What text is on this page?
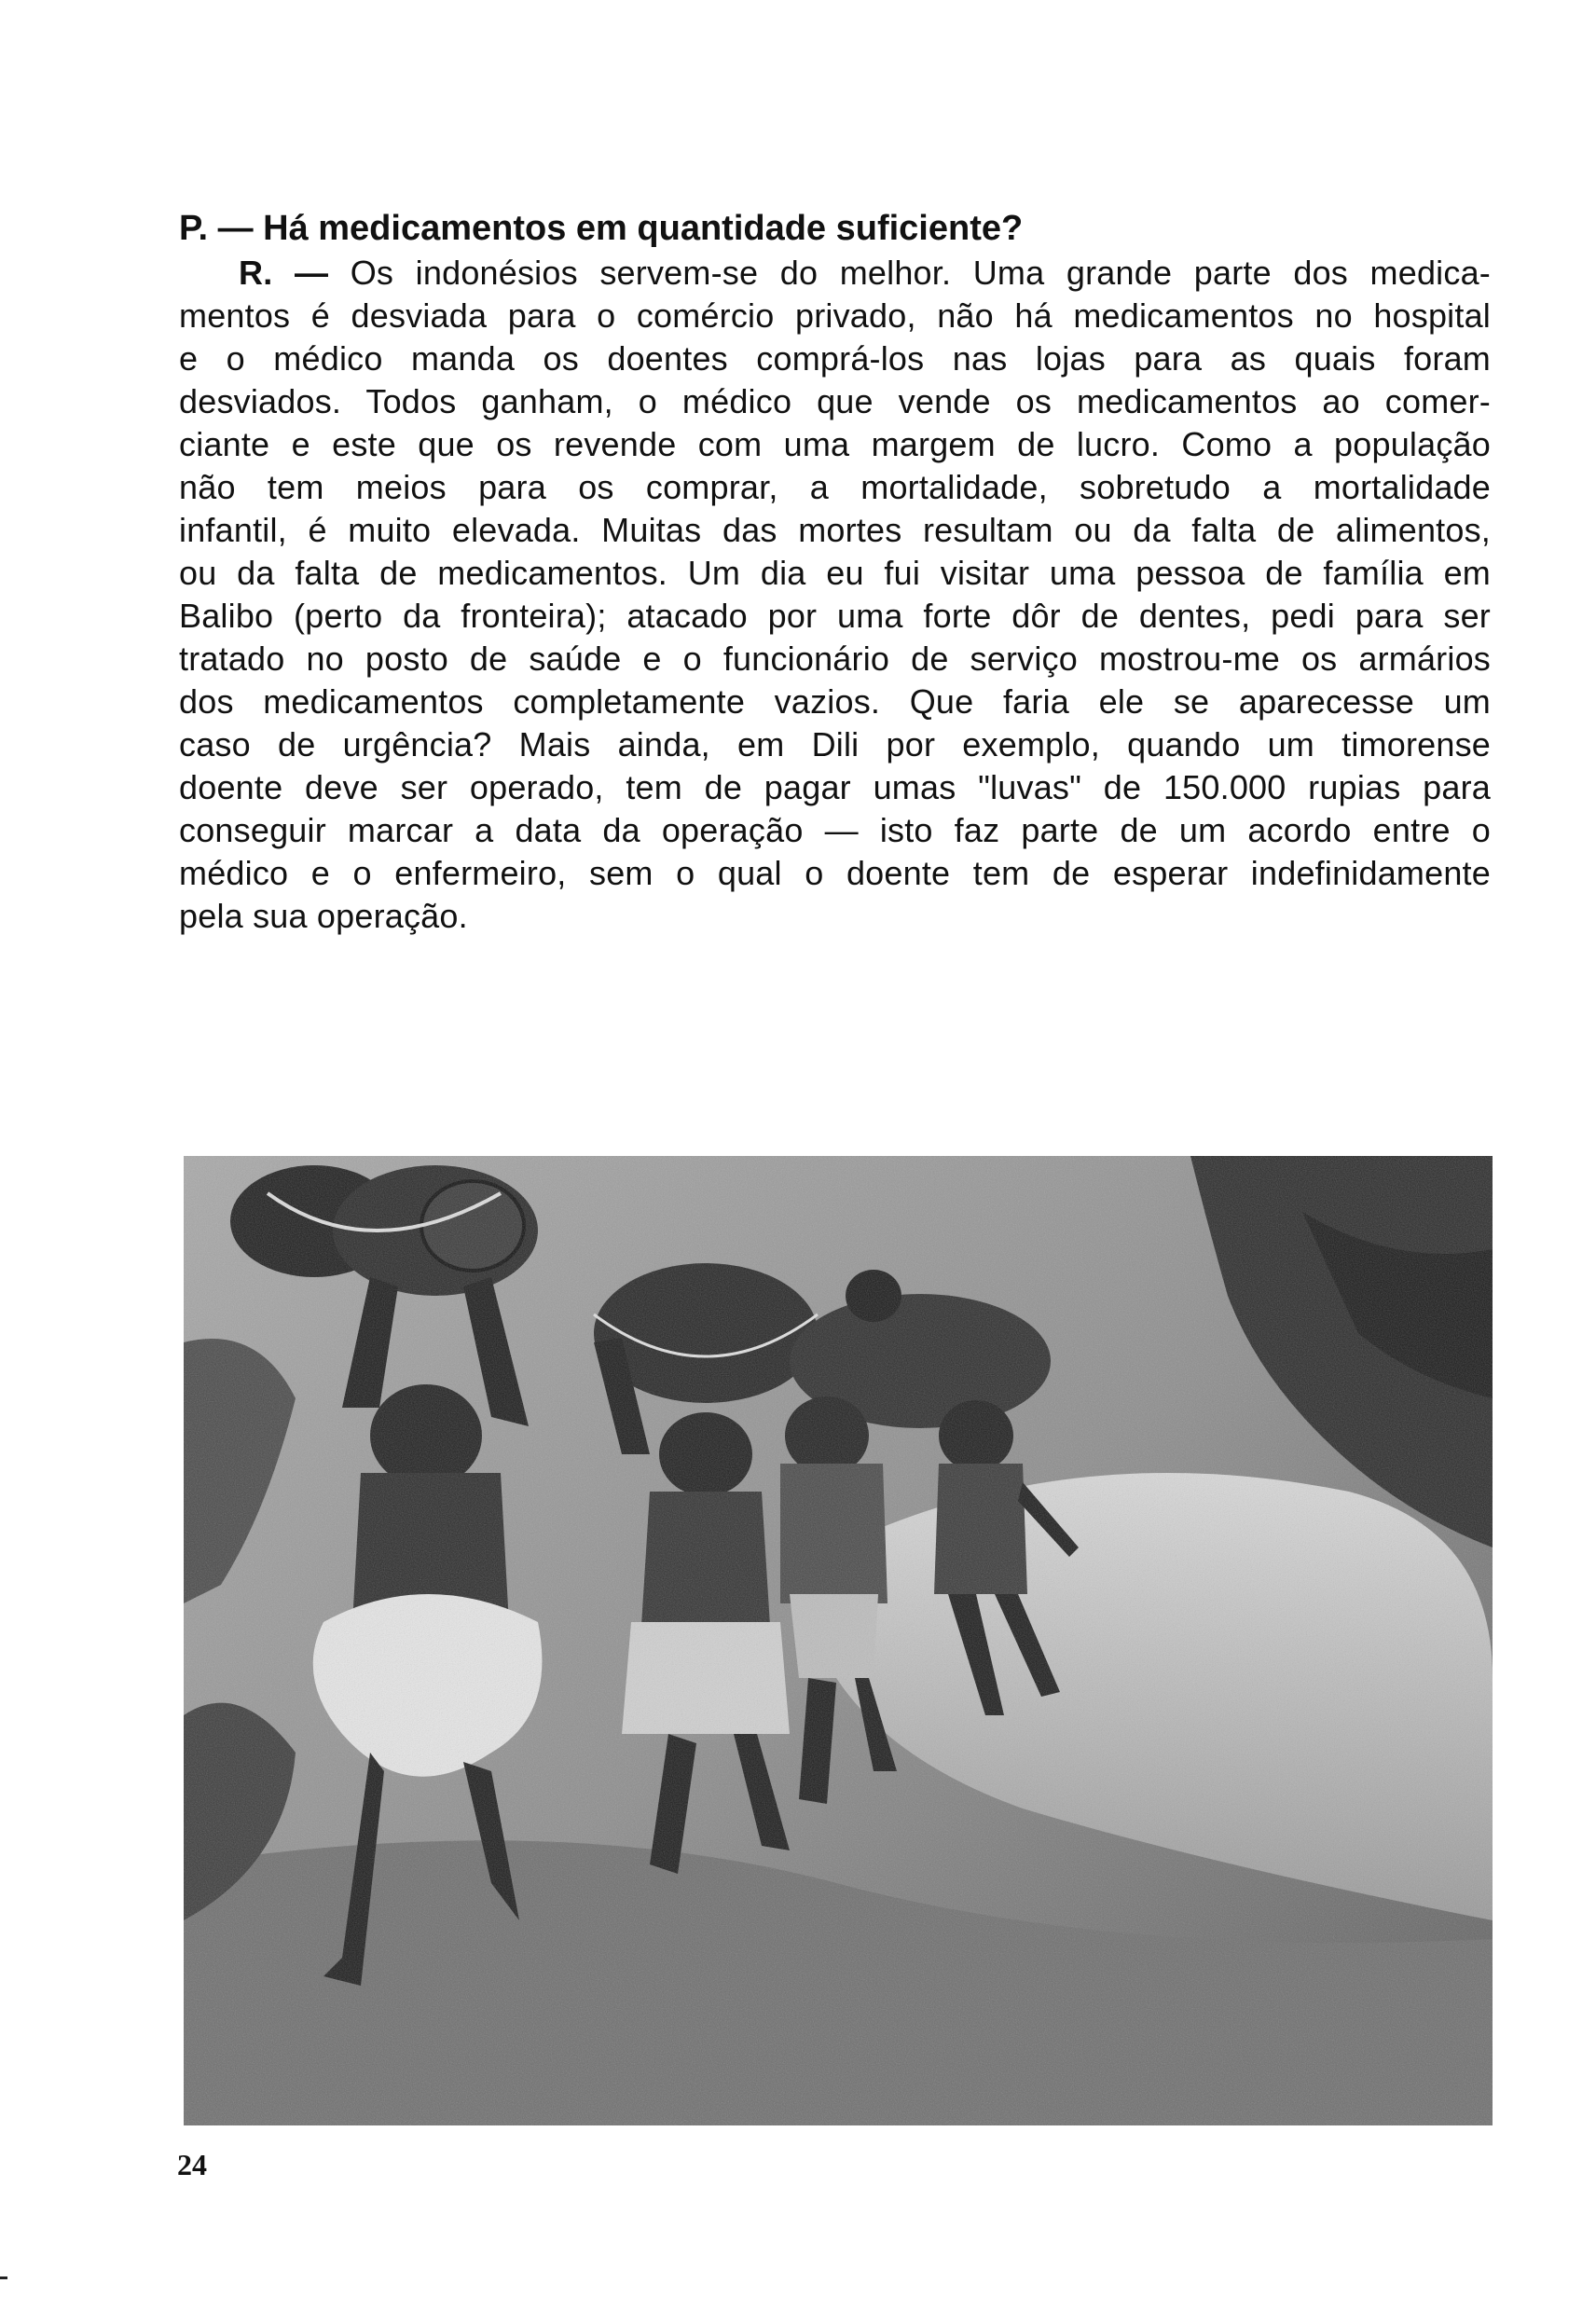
P. — Há medicamentos em quantidade suficiente?

R. — Os indonésios servem-se do melhor. Uma grande parte dos medica-
mentos é desviada para o comércio privado, não há medicamentos no hospital
e o médico manda os doentes comprá-los nas lojas para as quais foram
desviados. Todos ganham, o médico que vende os medicamentos ao comer-
ciante e este que os revende com uma margem de lucro. Como a população
não tem meios para os comprar, a mortalidade, sobretudo a mortalidade
infantil, é muito elevada. Muitas das mortes resultam ou da falta de alimentos,
ou da falta de medicamentos. Um dia eu fui visitar uma pessoa de família em
Balibo (perto da fronteira); atacado por uma forte dôr de dentes, pedi para ser
tratado no posto de saúde e o funcionário de serviço mostrou-me os armários
dos medicamentos completamente vazios. Que faria ele se aparecesse um
caso de urgência? Mais ainda, em Dili por exemplo, quando um timorense
doente deve ser operado, tem de pagar umas "luvas" de 150.000 rupias para
conseguir marcar a data da operação — isto faz parte de um acordo entre o
médico e o enfermeiro, sem o qual o doente tem de esperar indefinidamente
pela sua operação.
24
